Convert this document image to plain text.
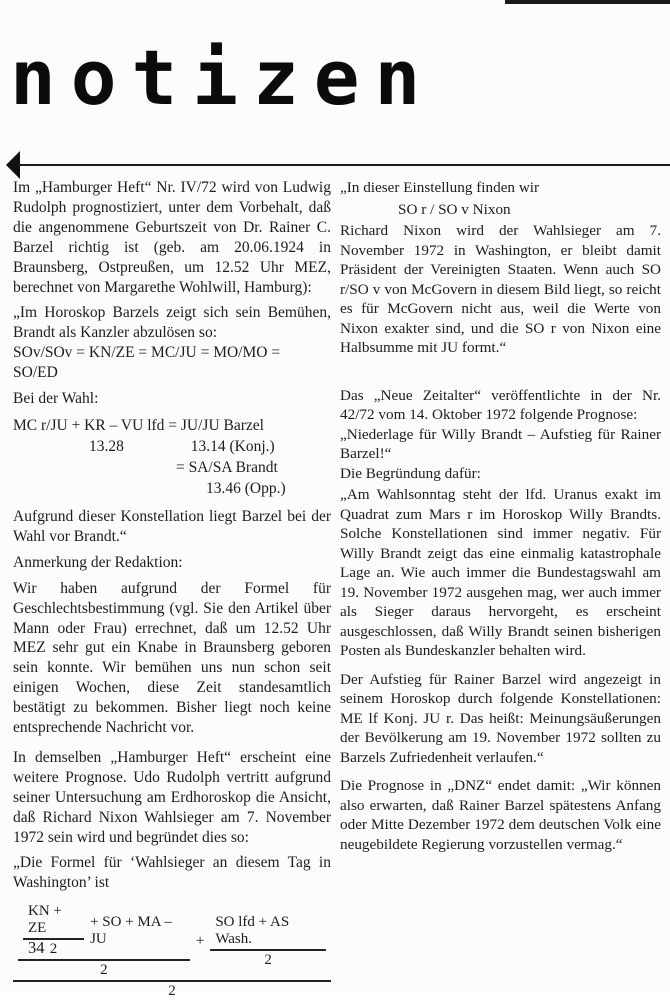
notizen

Im „Hamburger Heft“ Nr. IV/72 wird von Ludwig Rudolph prognostiziert, unter dem Vorbehalt, daß die angenommene Geburtszeit von Dr. Rainer C. Barzel richtig ist (geb. am 20.06.1924 in Braunsberg, Ostpreußen, um 12.52 Uhr MEZ, berechnet von Margarethe Wohlwill, Hamburg):

„Im Horoskop Barzels zeigt sich sein Bemühen, Brandt als Kanzler abzulösen so:

SOv/SOv = KN/ZE = MC/JU = MO/MO =

SO/ED

Bei der Wahl:

MC r/JU + KR – VU lfd = JU/JU Barzel
13.28	13.14 (Konj.)
= SA/SA Brandt
13.46 (Opp.)

Aufgrund dieser Konstellation liegt Barzel bei der Wahl vor Brandt.“

Anmerkung der Redaktion:

Wir haben aufgrund der Formel für Geschlechtsbestimmung (vgl. Sie den Artikel über Mann oder Frau) errechnet, daß um 12.52 Uhr MEZ sehr gut ein Knabe in Braunsberg geboren sein konnte. Wir bemühen uns nun schon seit einigen Wochen, diese Zeit standesamtlich bestätigt zu bekommen. Bisher liegt noch keine entsprechende Nachricht vor.

In demselben „Hamburger Heft“ erscheint eine weitere Prognose. Udo Rudolph vertritt aufgrund seiner Untersuchung am Erdhoroskop die Ansicht, daß Richard Nixon Wahlsieger am 7. November 1972 sein wird und begründet dies so:

„Die Formel für ‘Wahlsieger an diesem Tag in Washington’ ist

$\frac{KN + ZE}{2}$ + SO + MA – JU
2
+ $\frac{\text{SO lfd + AS Wash.}}{2}$
2

„In dieser Einstellung finden wir

SO r / SO v Nixon

Richard Nixon wird der Wahlsieger am 7. November 1972 in Washington, er bleibt damit Präsident der Vereinigten Staaten. Wenn auch SO r/SO v von McGovern in diesem Bild liegt, so reicht es für McGovern nicht aus, weil die Werte von Nixon exakter sind, und die SO r von Nixon eine Halbsumme mit JU formt.“

Das „Neue Zeitalter“ veröffentlichte in der Nr. 42/72 vom 14. Oktober 1972 folgende Prognose:

„Niederlage für Willy Brandt – Aufstieg für Rainer Barzel!“

Die Begründung dafür:

„Am Wahlsonntag steht der lfd. Uranus exakt im Quadrat zum Mars r im Horoskop Willy Brandts. Solche Konstellationen sind immer negativ. Für Willy Brandt zeigt das eine einmalig katastrophale Lage an. Wie auch immer die Bundestagswahl am 19. November 1972 ausgehen mag, wer auch immer als Sieger daraus hervorgeht, es erscheint ausgeschlossen, daß Willy Brandt seinen bisherigen Posten als Bundeskanzler behalten wird.

Der Aufstieg für Rainer Barzel wird angezeigt in seinem Horoskop durch folgende Konstellationen: ME lf Konj. JU r. Das heißt: Meinungsäußerungen der Bevölkerung am 19. November 1972 sollten zu Barzels Zufriedenheit verlaufen.“

Die Prognose in „DNZ“ endet damit: „Wir können also erwarten, daß Rainer Barzel spätestens Anfang oder Mitte Dezember 1972 dem deutschen Volk eine neugebildete Regierung vorzustellen vermag.“

34
